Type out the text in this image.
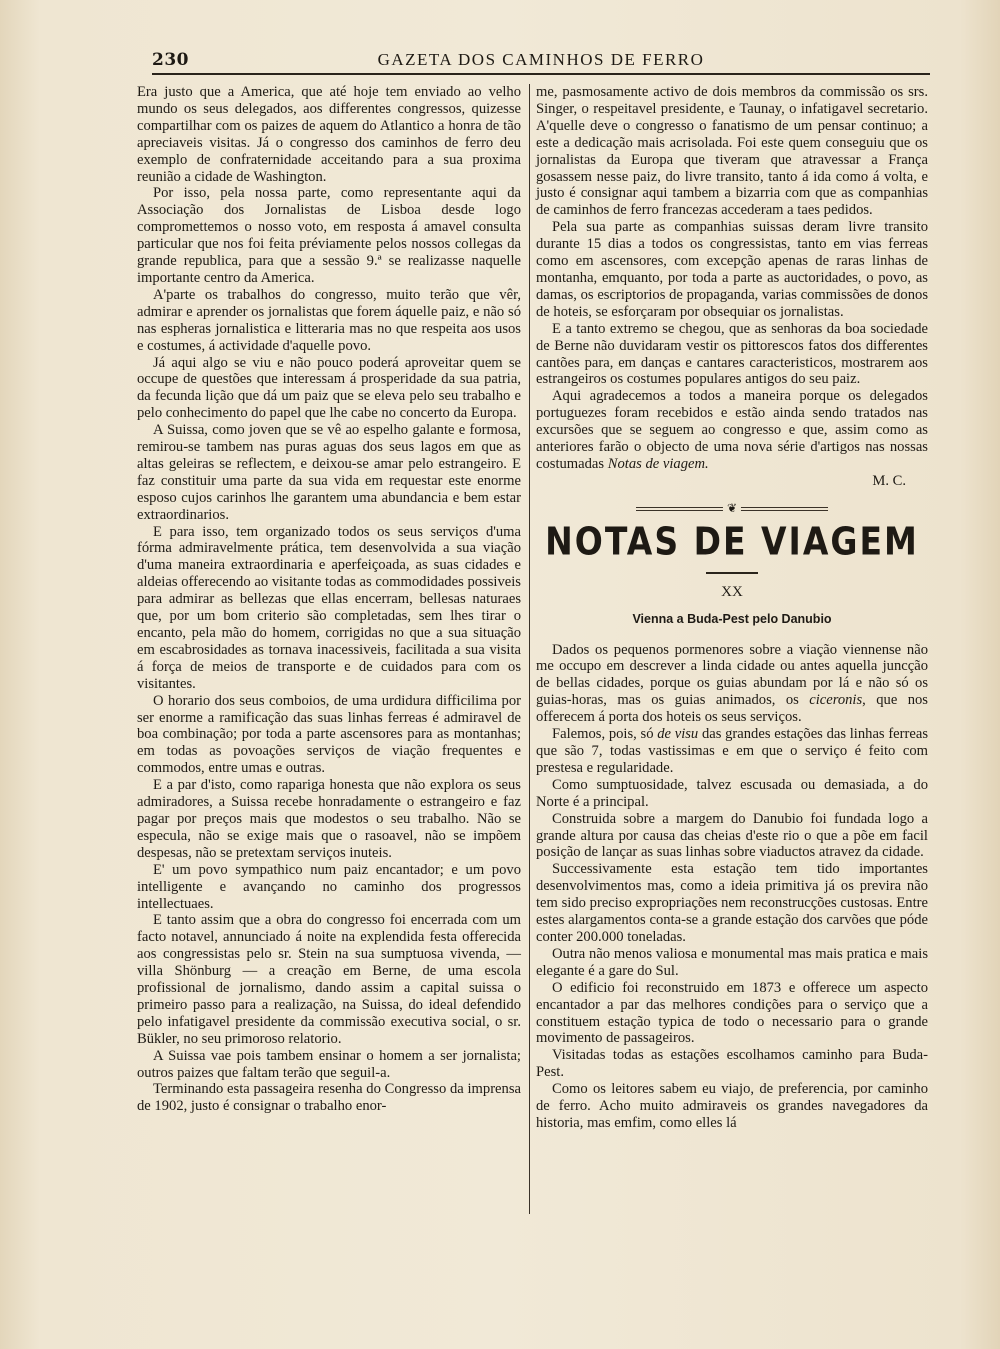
230	GAZETA DOS CAMINHOS DE FERRO

Era justo que a America, que até hoje tem enviado ao velho mundo os seus delegados, aos differentes congressos, quizesse compartilhar com os paizes de aquem do Atlantico a honra de tão apreciaveis visitas. Já o congresso dos caminhos de ferro deu exemplo de confraternidade acceitando para a sua proxima reunião a cidade de Washington.

Por isso, pela nossa parte, como representante aqui da Associação dos Jornalistas de Lisboa desde logo compromettemos o nosso voto, em resposta á amavel consulta particular que nos foi feita préviamente pelos nossos collegas da grande republica, para que a sessão 9.ª se realizasse naquelle importante centro da America.

A'parte os trabalhos do congresso, muito terão que vêr, admirar e aprender os jornalistas que forem áquelle paiz, e não só nas espheras jornalistica e litteraria mas no que respeita aos usos e costumes, á actividade d'aquelle povo.

Já aqui algo se viu e não pouco poderá aproveitar quem se occupe de questões que interessam á prosperidade da sua patria, da fecunda lição que dá um paiz que se eleva pelo seu trabalho e pelo conhecimento do papel que lhe cabe no concerto da Europa.

A Suissa, como joven que se vê ao espelho galante e formosa, remirou-se tambem nas puras aguas dos seus lagos em que as altas geleiras se reflectem, e deixou-se amar pelo estrangeiro. E faz constituir uma parte da sua vida em requestar este enorme esposo cujos carinhos lhe garantem uma abundancia e bem estar extraordinarios.

E para isso, tem organizado todos os seus serviços d'uma fórma admiravelmente prática, tem desenvolvida a sua viação d'uma maneira extraordinaria e aperfeiçoada, as suas cidades e aldeias offerecendo ao visitante todas as commodidades possiveis para admirar as bellezas que ellas encerram, bellesas naturaes que, por um bom criterio são completadas, sem lhes tirar o encanto, pela mão do homem, corrigidas no que a sua situação em escabrosidades as tornava inacessiveis, facilitada a sua visita á força de meios de transporte e de cuidados para com os visitantes.

O horario dos seus comboios, de uma urdidura difficilima por ser enorme a ramificação das suas linhas ferreas é admiravel de boa combinação; por toda a parte ascensores para as montanhas; em todas as povoações serviços de viação frequentes e commodos, entre umas e outras.

E a par d'isto, como rapariga honesta que não explora os seus admiradores, a Suissa recebe honradamente o estrangeiro e faz pagar por preços mais que modestos o seu trabalho. Não se especula, não se exige mais que o rasoavel, não se impõem despesas, não se pretextam serviços inuteis.

E' um povo sympathico num paiz encantador; e um povo intelligente e avançando no caminho dos progressos intellectuaes.

E tanto assim que a obra do congresso foi encerrada com um facto notavel, annunciado á noite na explendida festa offerecida aos congressistas pelo sr. Stein na sua sumptuosa vivenda, — villa Shönburg — a creação em Berne, de uma escola profissional de jornalismo, dando assim a capital suissa o primeiro passo para a realização, na Suissa, do ideal defendido pelo infatigavel presidente da commissão executiva social, o sr. Bükler, no seu primoroso relatorio.

A Suissa vae pois tambem ensinar o homem a ser jornalista; outros paizes que faltam terão que seguil-a.

Terminando esta passageira resenha do Congresso da imprensa de 1902, justo é consignar o trabalho enor-

me, pasmosamente activo de dois membros da commissão os srs. Singer, o respeitavel presidente, e Taunay, o infatigavel secretario. A'quelle deve o congresso o fanatismo de um pensar continuo; a este a dedicação mais acrisolada. Foi este quem conseguiu que os jornalistas da Europa que tiveram que atravessar a França gosassem nesse paiz, do livre transito, tanto á ida como á volta, e justo é consignar aqui tambem a bizarria com que as companhias de caminhos de ferro francezas accederam a taes pedidos.

Pela sua parte as companhias suissas deram livre transito durante 15 dias a todos os congressistas, tanto em vias ferreas como em ascensores, com excepção apenas de raras linhas de montanha, emquanto, por toda a parte as auctoridades, o povo, as damas, os escriptorios de propaganda, varias commissões de donos de hoteis, se esforçaram por obsequiar os jornalistas.

E a tanto extremo se chegou, que as senhoras da boa sociedade de Berne não duvidaram vestir os pittorescos fatos dos differentes cantões para, em danças e cantares caracteristicos, mostrarem aos estrangeiros os costumes populares antigos do seu paiz.

Aqui agradecemos a todos a maneira porque os delegados portuguezes foram recebidos e estão ainda sendo tratados nas excursões que se seguem ao congresso e que, assim como as anteriores farão o objecto de uma nova série d'artigos nas nossas costumadas Notas de viagem.

M. C.

❦
NOTAS DE VIAGEM
XX
Vienna a Buda-Pest pelo Danubio

Dados os pequenos pormenores sobre a viação viennense não me occupo em descrever a linda cidade ou antes aquella juncção de bellas cidades, porque os guias abundam por lá e não só os guias-horas, mas os guias animados, os ciceronis, que nos offerecem á porta dos hoteis os seus serviços.

Falemos, pois, só de visu das grandes estações das linhas ferreas que são 7, todas vastissimas e em que o serviço é feito com prestesa e regularidade.

Como sumptuosidade, talvez escusada ou demasiada, a do Norte é a principal.

Construida sobre a margem do Danubio foi fundada logo a grande altura por causa das cheias d'este rio o que a põe em facil posição de lançar as suas linhas sobre viaductos atravez da cidade.

Successivamente esta estação tem tido importantes desenvolvimentos mas, como a ideia primitiva já os previra não tem sido preciso expropriações nem reconstrucções custosas. Entre estes alargamentos conta-se a grande estação dos carvões que póde conter 200.000 toneladas.

Outra não menos valiosa e monumental mas mais pratica e mais elegante é a gare do Sul.

O edificio foi reconstruido em 1873 e offerece um aspecto encantador a par das melhores condições para o serviço que a constituem estação typica de todo o necessario para o grande movimento de passageiros.

Visitadas todas as estações escolhamos caminho para Buda-Pest.

Como os leitores sabem eu viajo, de preferencia, por caminho de ferro. Acho muito admiraveis os grandes navegadores da historia, mas emfim, como elles lá
